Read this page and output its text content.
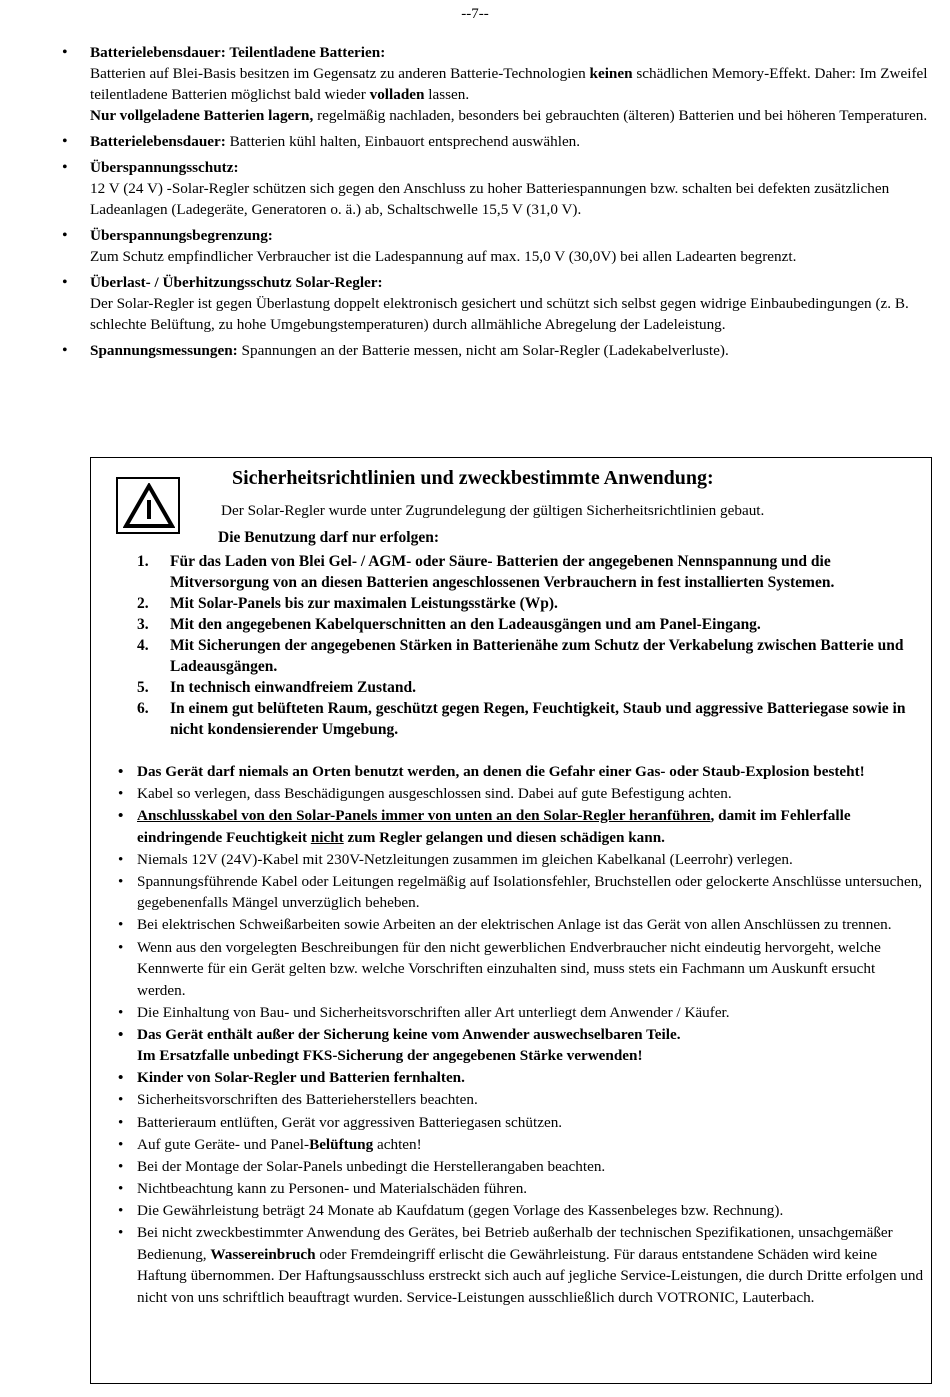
--7--
• Batterielebensdauer: Teilentladene Batterien:
Batterien auf Blei-Basis besitzen im Gegensatz zu anderen Batterie-Technologien keinen schädlichen Memory-Effekt. Daher: Im Zweifel teilentladene Batterien möglichst bald wieder volladen lassen.
Nur vollgeladene Batterien lagern, regelmäßig nachladen, besonders bei gebrauchten (älteren) Batterien und bei höheren Temperaturen.
• Batterielebensdauer: Batterien kühl halten, Einbauort entsprechend auswählen.
• Überspannungsschutz:
12 V (24 V) -Solar-Regler schützen sich gegen den Anschluss zu hoher Batteriespannungen bzw. schalten bei defekten zusätzlichen Ladeanlagen (Ladegeräte, Generatoren o. ä.) ab, Schaltschwelle 15,5 V (31,0 V).
• Überspannungsbegrenzung:
Zum Schutz empfindlicher Verbraucher ist die Ladespannung auf max. 15,0 V (30,0V) bei allen Ladearten begrenzt.
• Überlast- / Überhitzungsschutz Solar-Regler:
Der Solar-Regler ist gegen Überlastung doppelt elektronisch gesichert und schützt sich selbst gegen widrige Einbaubedingungen (z. B. schlechte Belüftung, zu hohe Umgebungstemperaturen) durch allmähliche Abregelung der Ladeleistung.
• Spannungsmessungen: Spannungen an der Batterie messen, nicht am Solar-Regler (Ladekabelverluste).
Sicherheitsrichtlinien und zweckbestimmte Anwendung:
Der Solar-Regler wurde unter Zugrundelegung der gültigen Sicherheitsrichtlinien gebaut.
Die Benutzung darf nur erfolgen:
1. Für das Laden von Blei Gel- / AGM- oder Säure- Batterien der angegebenen Nennspannung und die Mitversorgung von an diesen Batterien angeschlossenen Verbrauchern in fest installierten Systemen.
2. Mit Solar-Panels bis zur maximalen Leistungsstärke (Wp).
3. Mit den angegebenen Kabelquerschnitten an den Ladeausgängen und am Panel-Eingang.
4. Mit Sicherungen der angegebenen Stärken in Batterienähe zum Schutz der Verkabelung zwischen Batterie und Ladeausgängen.
5. In technisch einwandfreiem Zustand.
6. In einem gut belüfteten Raum, geschützt gegen Regen, Feuchtigkeit, Staub und aggressive Batteriegase sowie in nicht kondensierender Umgebung.
• Das Gerät darf niemals an Orten benutzt werden, an denen die Gefahr einer Gas- oder Staub-Explosion besteht!
• Kabel so verlegen, dass Beschädigungen ausgeschlossen sind. Dabei auf gute Befestigung achten.
• Anschlusskabel von den Solar-Panels immer von unten an den Solar-Regler heranführen, damit im Fehlerfalle eindringende Feuchtigkeit nicht zum Regler gelangen und diesen schädigen kann.
• Niemals 12V (24V)-Kabel mit 230V-Netzleitungen zusammen im gleichen Kabelkanal (Leerrohr) verlegen.
• Spannungsführende Kabel oder Leitungen regelmäßig auf Isolationsfehler, Bruchstellen oder gelockerte Anschlüsse untersuchen, gegebenenfalls Mängel unverzüglich beheben.
• Bei elektrischen Schweißarbeiten sowie Arbeiten an der elektrischen Anlage ist das Gerät von allen Anschlüssen zu trennen.
• Wenn aus den vorgelegten Beschreibungen für den nicht gewerblichen Endverbraucher nicht eindeutig hervorgeht, welche Kennwerte für ein Gerät gelten bzw. welche Vorschriften einzuhalten sind, muss stets ein Fachmann um Auskunft ersucht werden.
• Die Einhaltung von Bau- und Sicherheitsvorschriften aller Art unterliegt dem Anwender / Käufer.
• Das Gerät enthält außer der Sicherung keine vom Anwender auswechselbaren Teile.
Im Ersatzfalle unbedingt FKS-Sicherung der angegebenen Stärke verwenden!
• Kinder von Solar-Regler und Batterien fernhalten.
• Sicherheitsvorschriften des Batterieherstellers beachten.
• Batterieraum entlüften, Gerät vor aggressiven Batteriegasen schützen.
• Auf gute Geräte- und Panel-Belüftung achten!
• Bei der Montage der Solar-Panels unbedingt die Herstellerangaben beachten.
• Nichtbeachtung kann zu Personen- und Materialschäden führen.
• Die Gewährleistung beträgt 24 Monate ab Kaufdatum (gegen Vorlage des Kassenbeleges bzw. Rechnung).
• Bei nicht zweckbestimmter Anwendung des Gerätes, bei Betrieb außerhalb der technischen Spezifikationen, unsachgemäßer Bedienung, Wassereinbruch oder Fremdeingriff erlischt die Gewährleistung. Für daraus entstandene Schäden wird keine Haftung übernommen. Der Haftungsausschluss erstreckt sich auch auf jegliche Service-Leistungen, die durch Dritte erfolgen und nicht von uns schriftlich beauftragt wurden. Service-Leistungen ausschließlich durch VOTRONIC, Lauterbach.
